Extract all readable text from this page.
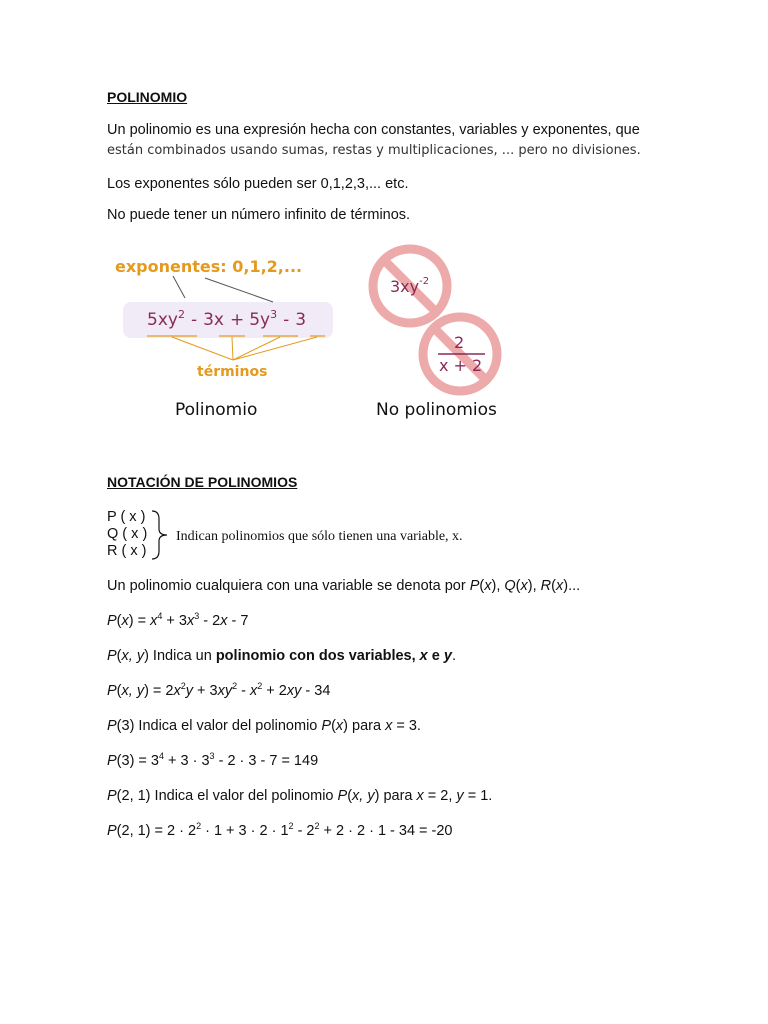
POLINOMIO
Un polinomio es una expresión hecha con constantes, variables y exponentes, que
están combinados usando sumas, restas y multiplicaciones, ... pero no divisiones.
Los exponentes sólo pueden ser 0,1,2,3,... etc.
No puede tener un número infinito de términos.
exponentes: 0,1,2,...
$5xy^2 - 3x + 5y^3 - 3$
términos
Polinomio
$3xy^{-2}$
2
x + 2
No polinomios
NOTACIÓN DE POLINOMIOS
P ( x )
Q ( x )
R ( x )
Indican polinomios que sólo tienen una variable, x.
Un polinomio cualquiera con una variable se denota por P(x), Q(x), R(x)...
$P(x) = x^4 + 3x^3 - 2x - 7$
P(x, y) Indica un polinomio con dos variables, x e y.
P(x, $y) = 2x^2y + 3xy^2 - x^2 + 2xy - 34$
P(3) Indica el valor del polinomio P(x) para x = 3.
$P(3) = 3^4 + 3 \cdot 3^3 - 2 \cdot 3 - 7 = 149$
P(2, 1) Indica el valor del polinomio P(x, y) para x = 2, y = 1.
P(2, $1) = 2 \cdot 2^2 \cdot 1 + 3 \cdot 2 \cdot 1^2 - 2^2 + 2 \cdot 2 \cdot 1 - 34 = -20$
